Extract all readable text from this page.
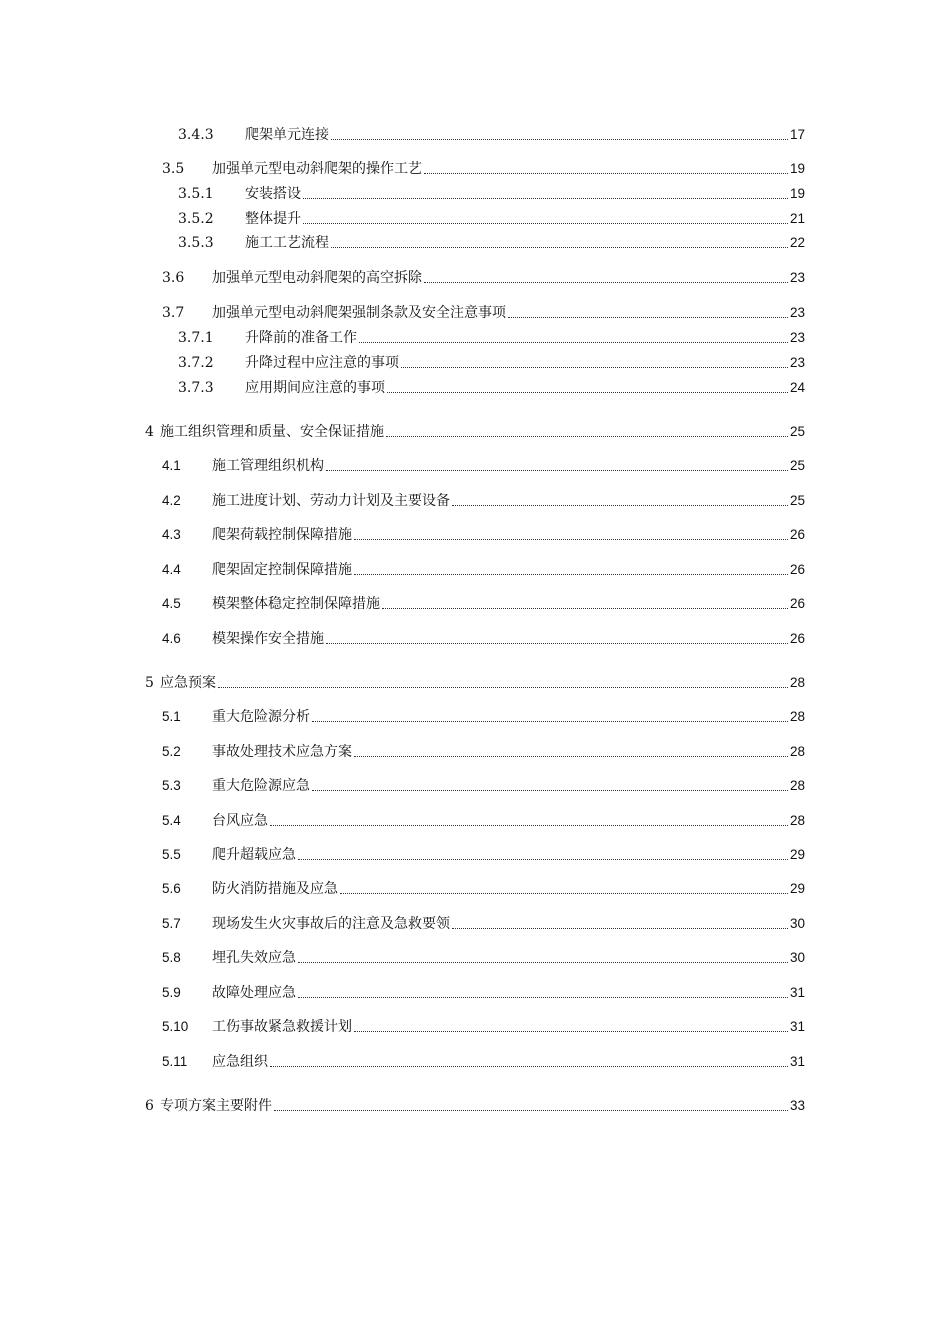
3.4.3	爬架单元连接	17
3.5	加强单元型电动斜爬架的操作工艺	19
3.5.1	安装搭设	19
3.5.2	整体提升	21
3.5.3	施工工艺流程	22
3.6	加强单元型电动斜爬架的高空拆除	23
3.7	加强单元型电动斜爬架强制条款及安全注意事项	23
3.7.1	升降前的准备工作	23
3.7.2	升降过程中应注意的事项	23
3.7.3	应用期间应注意的事项	24
4 施工组织管理和质量、安全保证措施	25
4.1	施工管理组织机构	25
4.2	施工进度计划、劳动力计划及主要设备	25
4.3	爬架荷载控制保障措施	26
4.4	爬架固定控制保障措施	26
4.5	模架整体稳定控制保障措施	26
4.6	模架操作安全措施	26
5 应急预案	28
5.1	重大危险源分析	28
5.2	事故处理技术应急方案	28
5.3	重大危险源应急	28
5.4	台风应急	28
5.5	爬升超载应急	29
5.6	防火消防措施及应急	29
5.7	现场发生火灾事故后的注意及急救要领	30
5.8	埋孔失效应急	30
5.9	故障处理应急	31
5.10	工伤事故紧急救援计划	31
5.11	应急组织	31
6 专项方案主要附件	33
